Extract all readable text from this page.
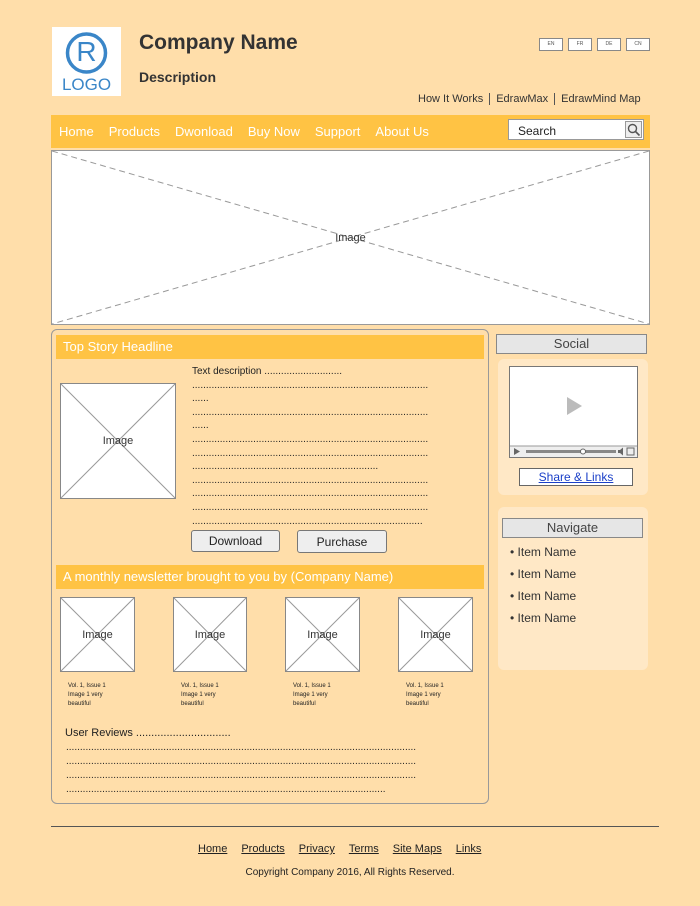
R
LOGO
Company Name
Description
EN	FR	DE	CN
How It Works	EdrawMax	EdrawMind Map
Home Products Dwonload Buy Now Support About Us	Search
Image
Top Story Headline
Image
Text description ............................
.....................................................................................
......
.....................................................................................
......
.....................................................................................
.....................................................................................
...................................................................
.....................................................................................
.....................................................................................
.....................................................................................
...................................................................................
Download	Purchase
A monthly newsletter brought to you by (Company Name)
Image
Vol. 1, Issue 1
Image 1 very
beautiful
Image
Vol. 1, Issue 1
Image 1 very
beautiful
Image
Vol. 1, Issue 1
Image 1 very
beautiful
Image
Vol. 1, Issue 1
Image 1 very
beautiful
User Reviews ...............................
..............................................................................................................................
..............................................................................................................................
..............................................................................................................................
...................................................................................................................
Social
Share & Links
Navigate
• Item Name
• Item Name
• Item Name
• Item Name
Home Products Privacy Terms Site Maps Links
Copyright Company 2016, All Rights Reserved.
